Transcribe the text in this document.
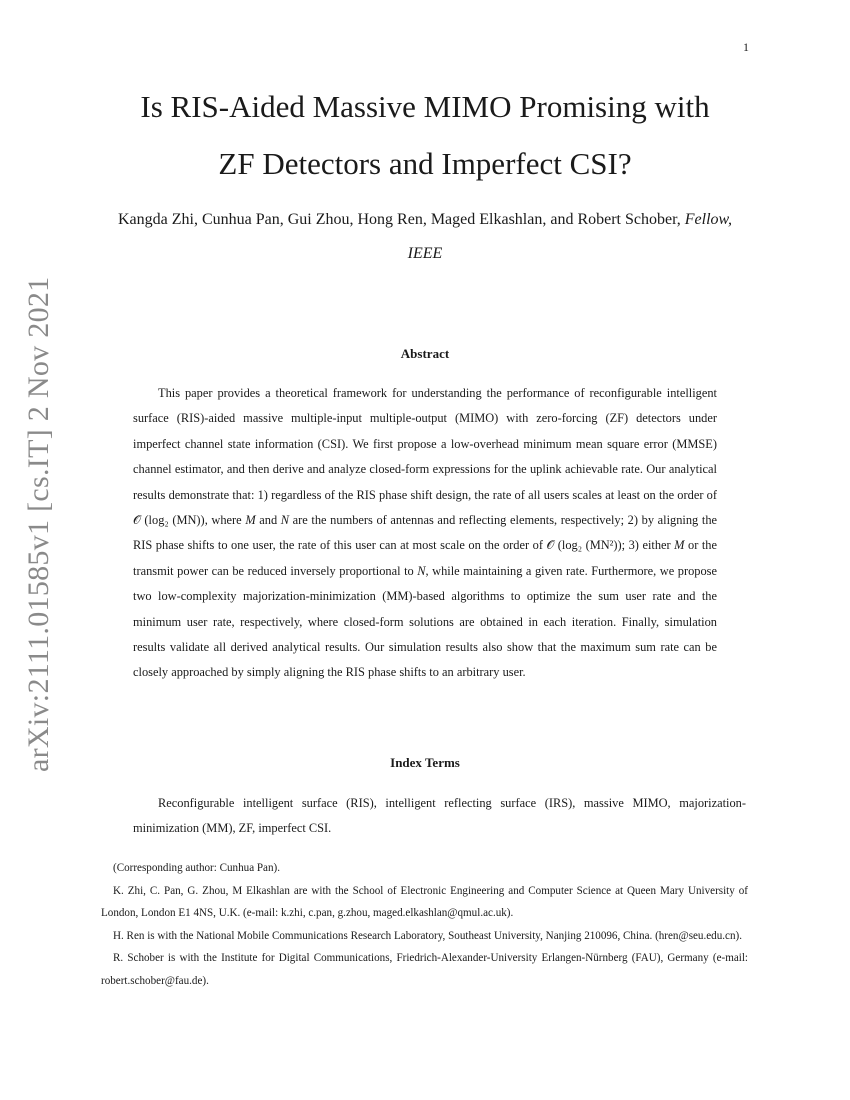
1
arXiv:2111.01585v1 [cs.IT] 2 Nov 2021
Is RIS-Aided Massive MIMO Promising with
ZF Detectors and Imperfect CSI?
Kangda Zhi, Cunhua Pan, Gui Zhou, Hong Ren, Maged Elkashlan, and Robert Schober, Fellow, IEEE
Abstract

This paper provides a theoretical framework for understanding the performance of reconfigurable intelligent surface (RIS)-aided massive multiple-input multiple-output (MIMO) with zero-forcing (ZF) detectors under imperfect channel state information (CSI). We first propose a low-overhead minimum mean square error (MMSE) channel estimator, and then derive and analyze closed-form expressions for the uplink achievable rate. Our analytical results demonstrate that: 1) regardless of the RIS phase shift design, the rate of all users scales at least on the order of 𝒪 (log₂ (MN)), where M and N are the numbers of antennas and reflecting elements, respectively; 2) by aligning the RIS phase shifts to one user, the rate of this user can at most scale on the order of 𝒪 (log₂ (MN²)); 3) either M or the transmit power can be reduced inversely proportional to N, while maintaining a given rate. Furthermore, we propose two low-complexity majorization-minimization (MM)-based algorithms to optimize the sum user rate and the minimum user rate, respectively, where closed-form solutions are obtained in each iteration. Finally, simulation results validate all derived analytical results. Our simulation results also show that the maximum sum rate can be closely approached by simply aligning the RIS phase shifts to an arbitrary user.

Index Terms
Reconfigurable intelligent surface (RIS), intelligent reflecting surface (IRS), massive MIMO, majorization-minimization (MM), ZF, imperfect CSI.

(Corresponding author: Cunhua Pan).

K. Zhi, C. Pan, G. Zhou, M Elkashlan are with the School of Electronic Engineering and Computer Science at Queen Mary University of London, London E1 4NS, U.K. (e-mail: k.zhi, c.pan, g.zhou, maged.elkashlan@qmul.ac.uk).

H. Ren is with the National Mobile Communications Research Laboratory, Southeast University, Nanjing 210096, China. (hren@seu.edu.cn).

R. Schober is with the Institute for Digital Communications, Friedrich-Alexander-University Erlangen-Nürnberg (FAU), Germany (e-mail: robert.schober@fau.de).
